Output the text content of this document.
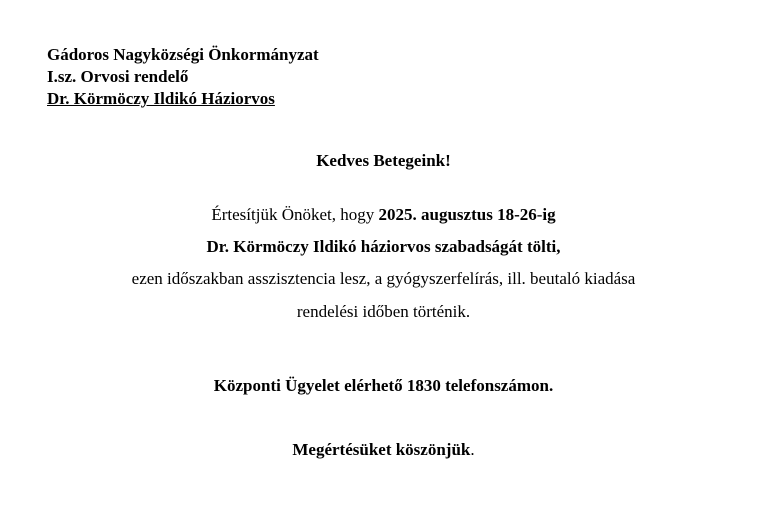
Gádoros Nagyközségi Önkormányzat
I.sz. Orvosi rendelő
Dr. Körmöczy Ildikó Háziorvos
Kedves Betegeink!
Értesítjük Önöket, hogy 2025. augusztus 18-26-ig
Dr. Körmöczy Ildikó háziorvos szabadságát tölti,
ezen időszakban asszisztencia lesz, a gyógyszerfelírás, ill. beutaló kiadása
rendelési időben történik.
Központi Ügyelet elérhető 1830 telefonszámon.
Megértésüket köszönjük.
